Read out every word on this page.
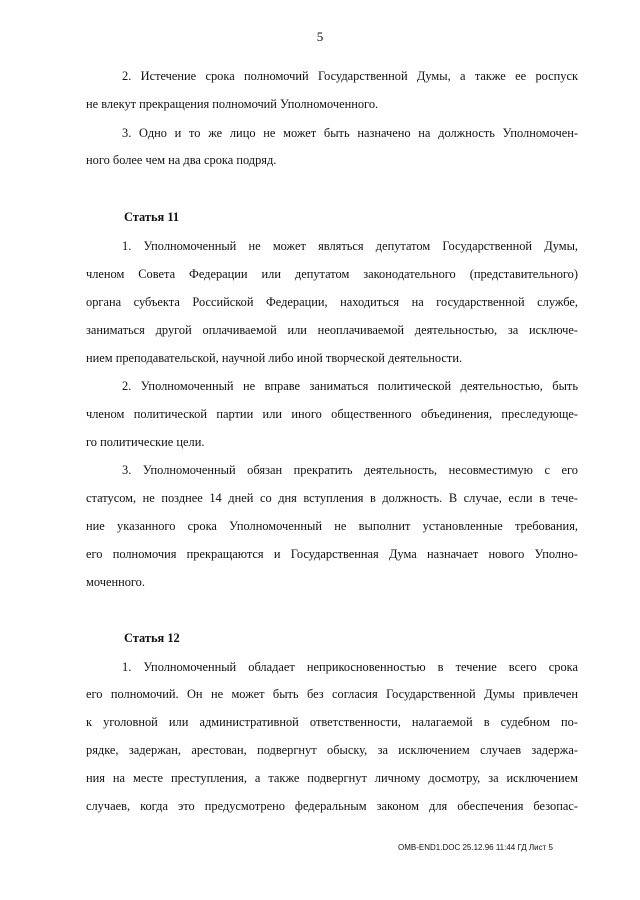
5
2. Истечение срока полномочий Государственной Думы, а также ее роспуск
не влекут прекращения полномочий Уполномоченного.
3. Одно и то же лицо не может быть назначено на должность Уполномочен-
ного более чем на два срока подряд.
Статья 11
1. Уполномоченный не может являться депутатом Государственной Думы,
членом Совета Федерации или депутатом законодательного (представительного)
органа субъекта Российской Федерации, находиться на государственной службе,
заниматься другой оплачиваемой или неоплачиваемой деятельностью, за исключе-
нием преподавательской, научной либо иной творческой деятельности.
2. Уполномоченный не вправе заниматься политической деятельностью, быть
членом политической партии или иного общественного объединения, преследующе-
го политические цели.
3. Уполномоченный обязан прекратить деятельность, несовместимую с его
статусом, не позднее 14 дней со дня вступления в должность. В случае, если в тече-
ние указанного срока Уполномоченный не выполнит установленные требования,
его полномочия прекращаются и Государственная Дума назначает нового Уполно-
моченного.
Статья 12
1. Уполномоченный обладает неприкосновенностью в течение всего срока
его полномочий. Он не может быть без согласия Государственной Думы привлечен
к уголовной или административной ответственности, налагаемой в судебном по-
рядке, задержан, арестован, подвергнут обыску, за исключением случаев задержа-
ния на месте преступления, а также подвергнут личному досмотру, за исключением
случаев, когда это предусмотрено федеральным законом для обеспечения безопас-
OMB-END1.DOC 25.12.96 11:44 ГД Лист 5
